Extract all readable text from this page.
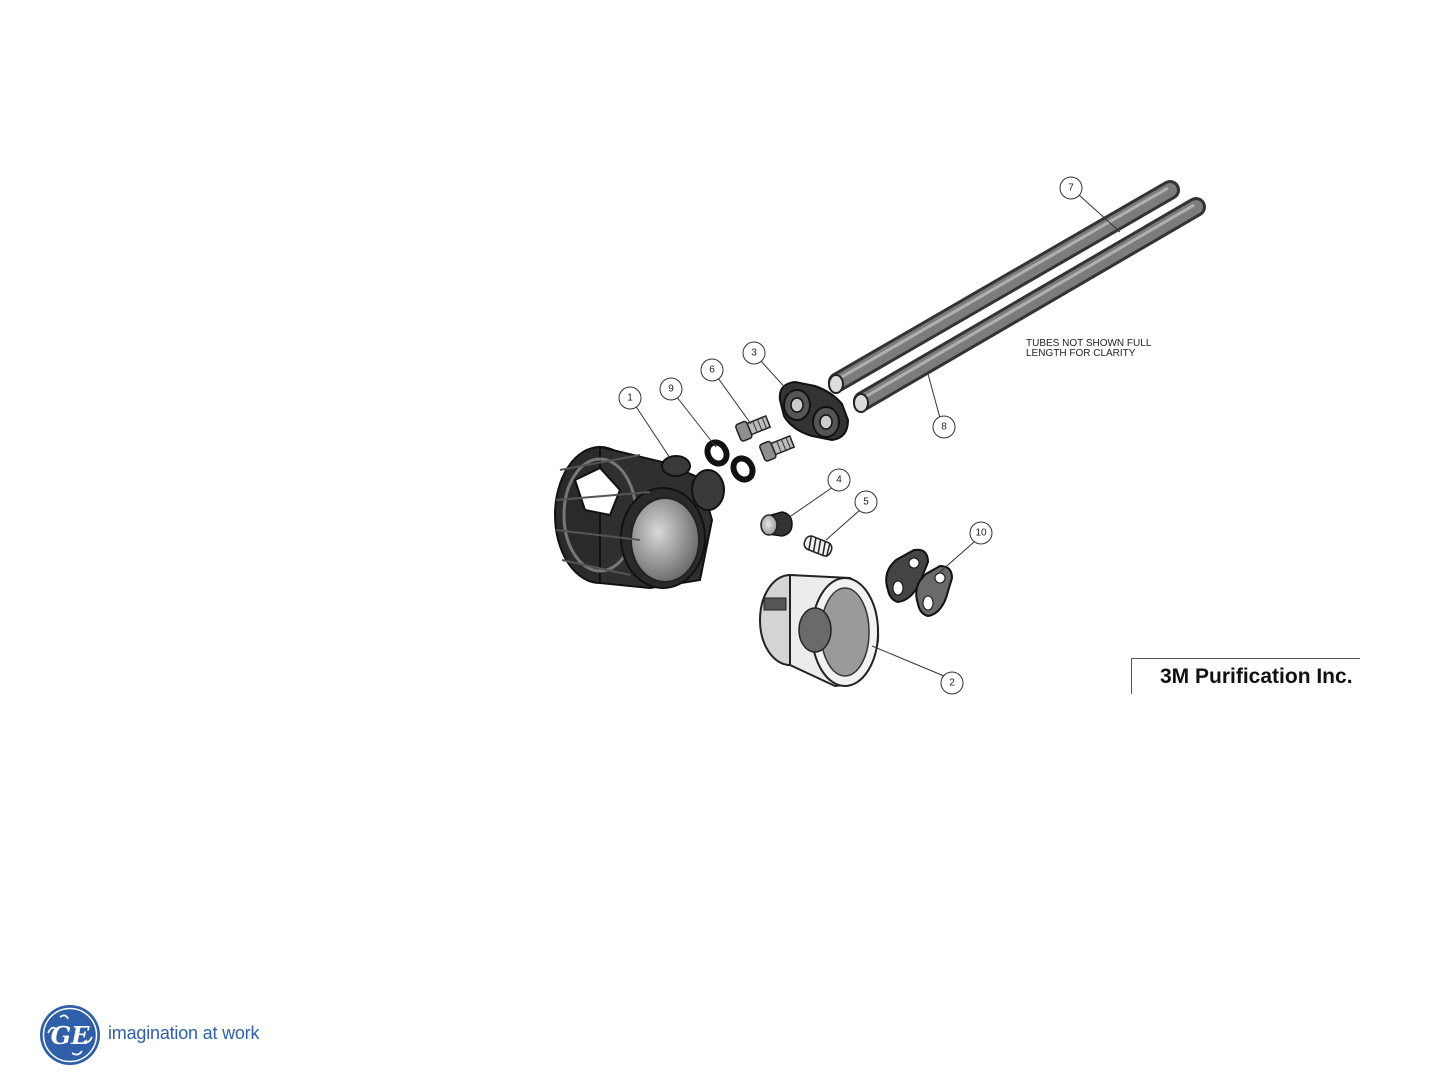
1
2
3
4
5
6
7
8
9
10
TUBES NOT SHOWN FULL
LENGTH FOR CLARITY
3M Purification Inc.
GE imagination at work
